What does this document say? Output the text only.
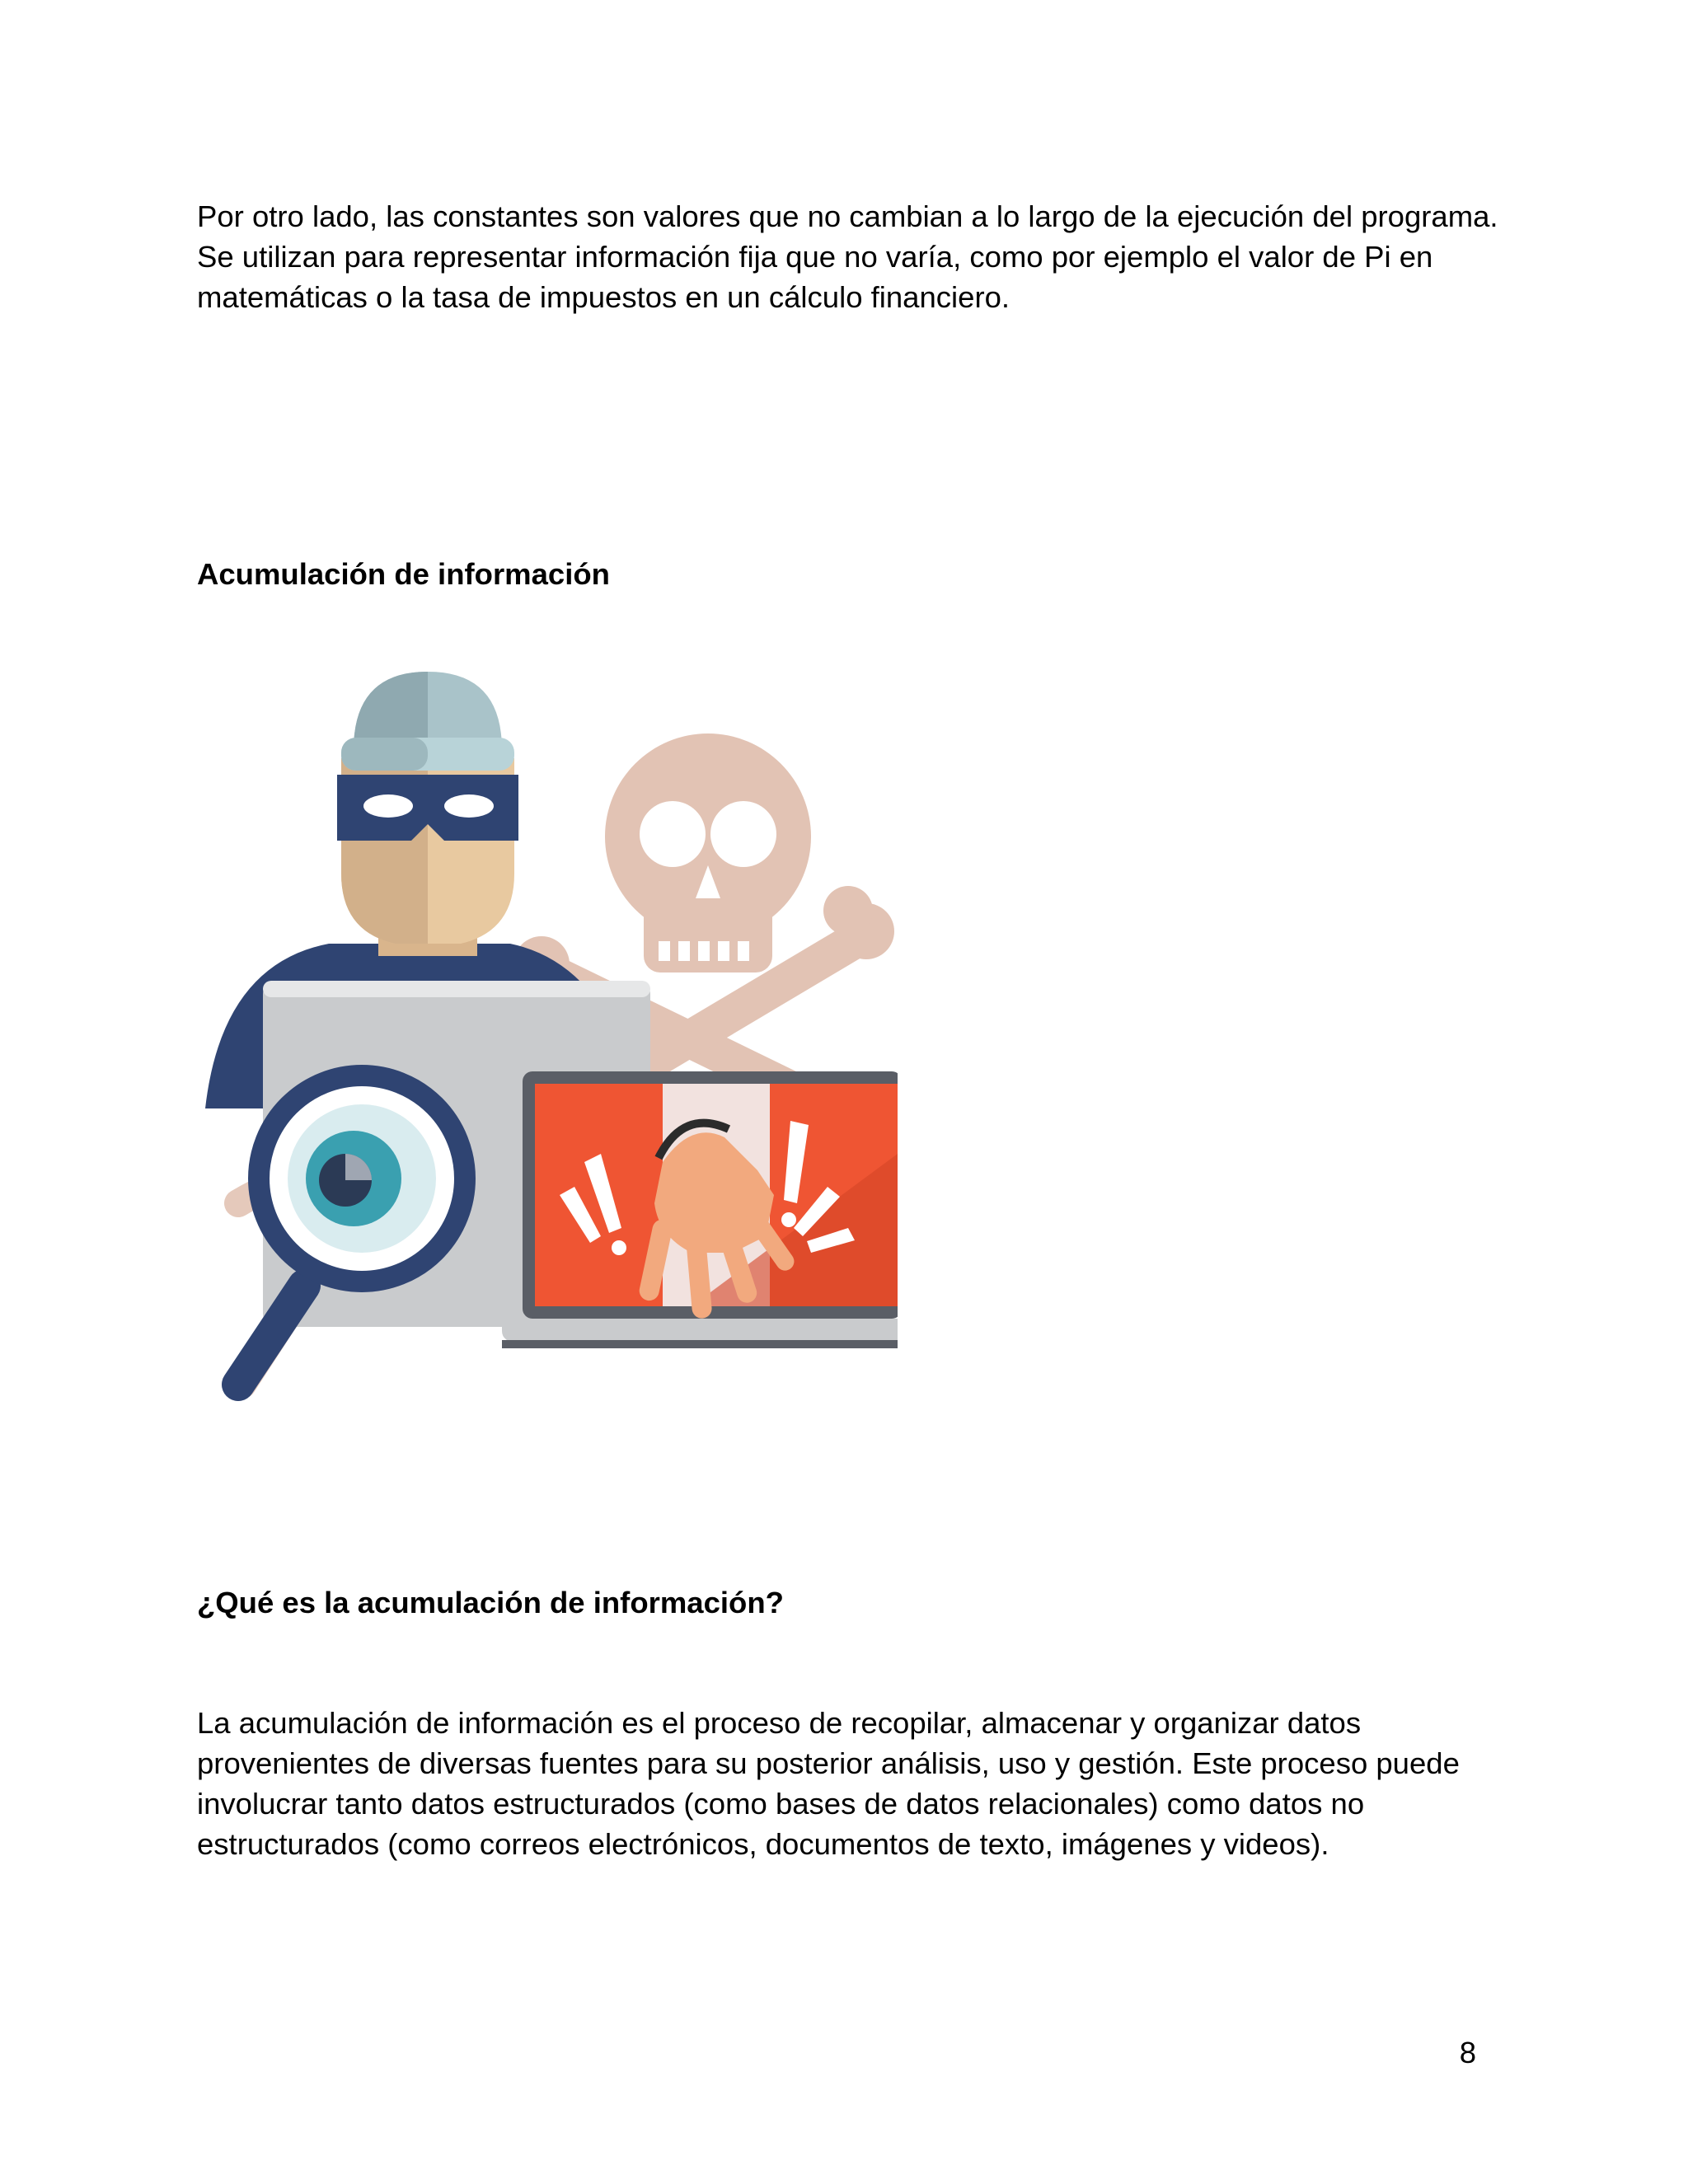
Por otro lado, las constantes son valores que no cambian a lo largo de la ejecución del programa. Se utilizan para representar información fija que no varía, como por ejemplo el valor de Pi en matemáticas o la tasa de impuestos en un cálculo financiero.

Acumulación de información

¿Qué es la acumulación de información?

La acumulación de información es el proceso de recopilar, almacenar y organizar datos provenientes de diversas fuentes para su posterior análisis, uso y gestión. Este proceso puede involucrar tanto datos estructurados (como bases de datos relacionales) como datos no estructurados (como correos electrónicos, documentos de texto, imágenes y videos).

8
